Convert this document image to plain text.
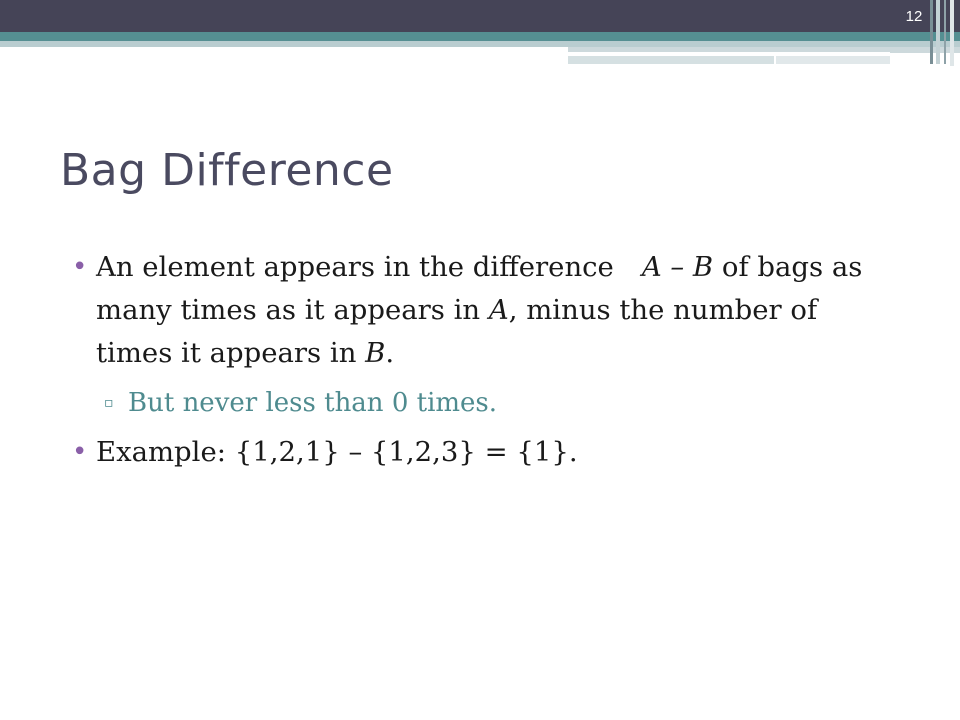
12
Bag Difference
• An element appears in the difference A – B of bags as many times as it appears in A, minus the number of times it appears in B.
▫ But never less than 0 times.
• Example: {1,2,1} – {1,2,3} = {1}.
